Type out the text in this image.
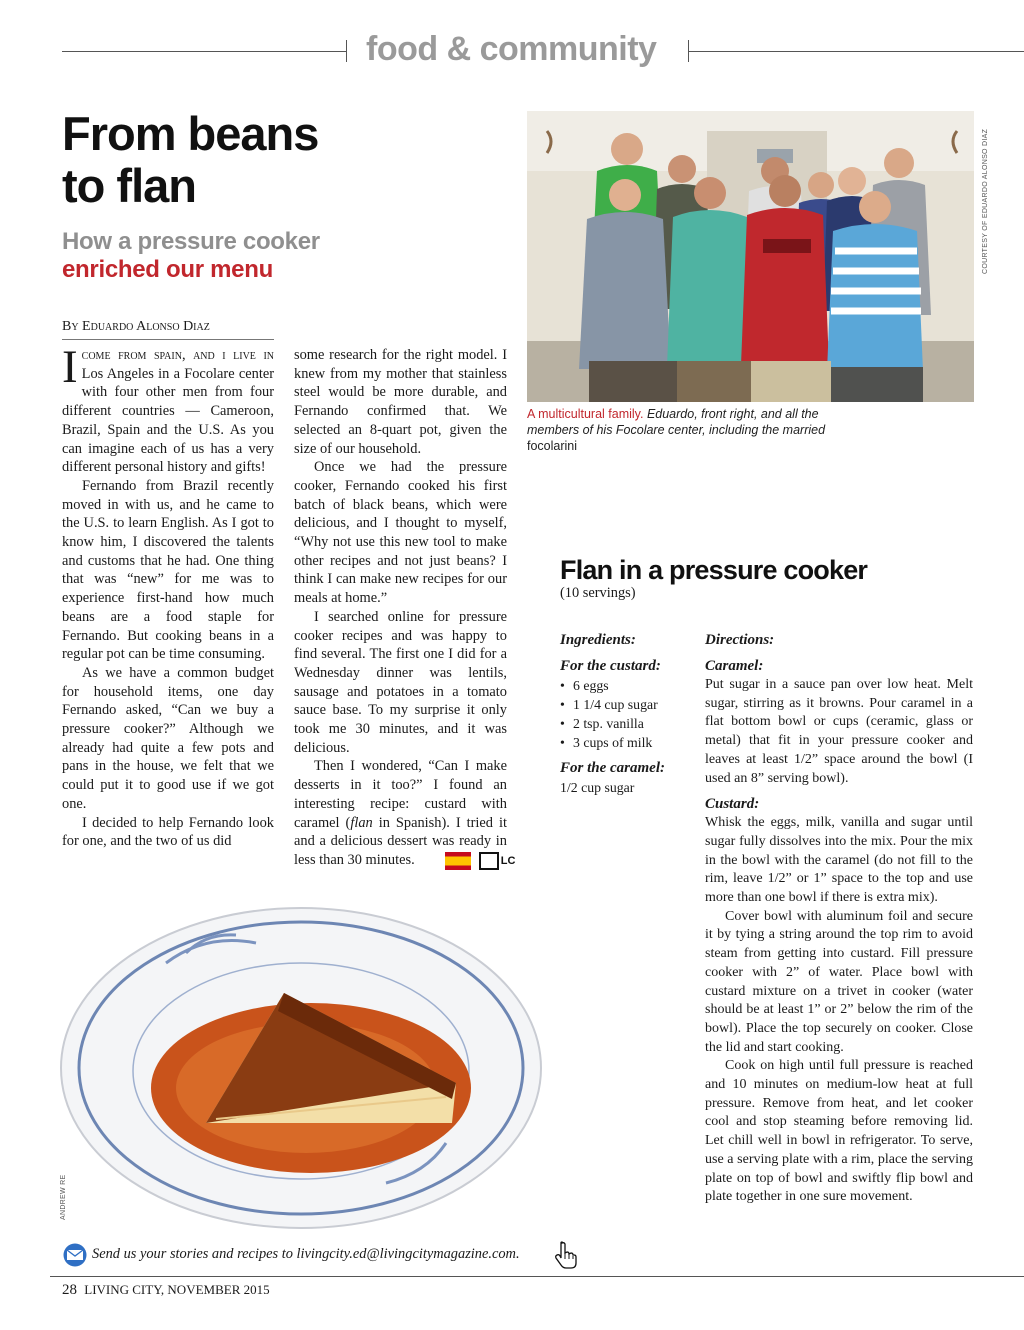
food & community
From beans
to flan
How a pressure cooker
enriched our menu
By Eduardo Alonso Diaz

Icome from spain, and i live in Los Angeles in a Focolare center with four other men from four different countries — Cameroon, Brazil, Spain and the U.S. As you can imagine each of us has a very different personal history and gifts!

Fernando from Brazil recently moved in with us, and he came to the U.S. to learn English. As I got to know him, I discovered the talents and customs that he had. One thing that was “new” for me was to experience first-hand how much beans are a food staple for Fernando. But cooking beans in a regular pot can be time consuming.

As we have a common budget for household items, one day Fernando asked, “Can we buy a pressure cooker?” Although we already had quite a few pots and pans in the house, we felt that we could put it to good use if we got one.

I decided to help Fernando look for one, and the two of us did

some research for the right model. I knew from my mother that stainless steel would be more durable, and Fernando confirmed that. We selected an 8-quart pot, given the size of our household.

Once we had the pressure cooker, Fernando cooked his first batch of black beans, which were delicious, and I thought to myself, “Why not use this new tool to make other recipes and not just beans? I think I can make new recipes for our meals at home.”

I searched online for pressure cooker recipes and was happy to find several. The first one I did for a Wednesday dinner was lentils, sausage and potatoes in a tomato sauce base. To my surprise it only took me 30 minutes, and it was delicious.

Then I wondered, “Can I make desserts in it too?” I found an interesting recipe: custard with caramel (flan in Spanish). I tried it and a delicious dessert was ready in less than 30 minutes.	LC

COURTESY OF EDUARDO ALONSO DIAZ
A multicultural family. Eduardo, front right, and all the members of his Focolare center, including the married focolarini
Flan in a pressure cooker
(10 servings)
Ingredients:
For the custard:
• 6 eggs
• 1 1/4 cup sugar
• 2 tsp. vanilla
• 3 cups of milk
For the caramel:
1/2 cup sugar
Directions:
Caramel:

Put sugar in a sauce pan over low heat. Melt sugar, stirring as it browns. Pour caramel in a flat bottom bowl or cups (ceramic, glass or metal) that fit in your pressure cooker and leaves at least 1/2” space around the bowl (I used an 8” serving bowl).

Custard:

Whisk the eggs, milk, vanilla and sugar until sugar fully dissolves into the mix. Pour the mix in the bowl with the caramel (do not fill to the rim, leave 1/2” or 1” space to the top and use more than one bowl if there is extra mix).

Cover bowl with aluminum foil and secure it by tying a string around the top rim to avoid steam from getting into custard. Fill pressure cooker with 2” of water. Place bowl with custard mixture on a trivet in cooker (water should be at least 1” or 2” below the rim of the bowl). Place the top securely on cooker. Close the lid and start cooking.

Cook on high until full pressure is reached and 10 minutes on medium-low heat at full pressure. Remove from heat, and let cooker cool and stop steaming before removing lid. Let chill well in bowl in refrigerator. To serve, use a serving plate with a rim, place the serving plate on top of bowl and swiftly flip bowl and plate together in one sure movement.

ANDREW RE
Send us your stories and recipes to livingcity.ed@livingcitymagazine.com.
28 LIVING CITY, NOVEMBER 2015
